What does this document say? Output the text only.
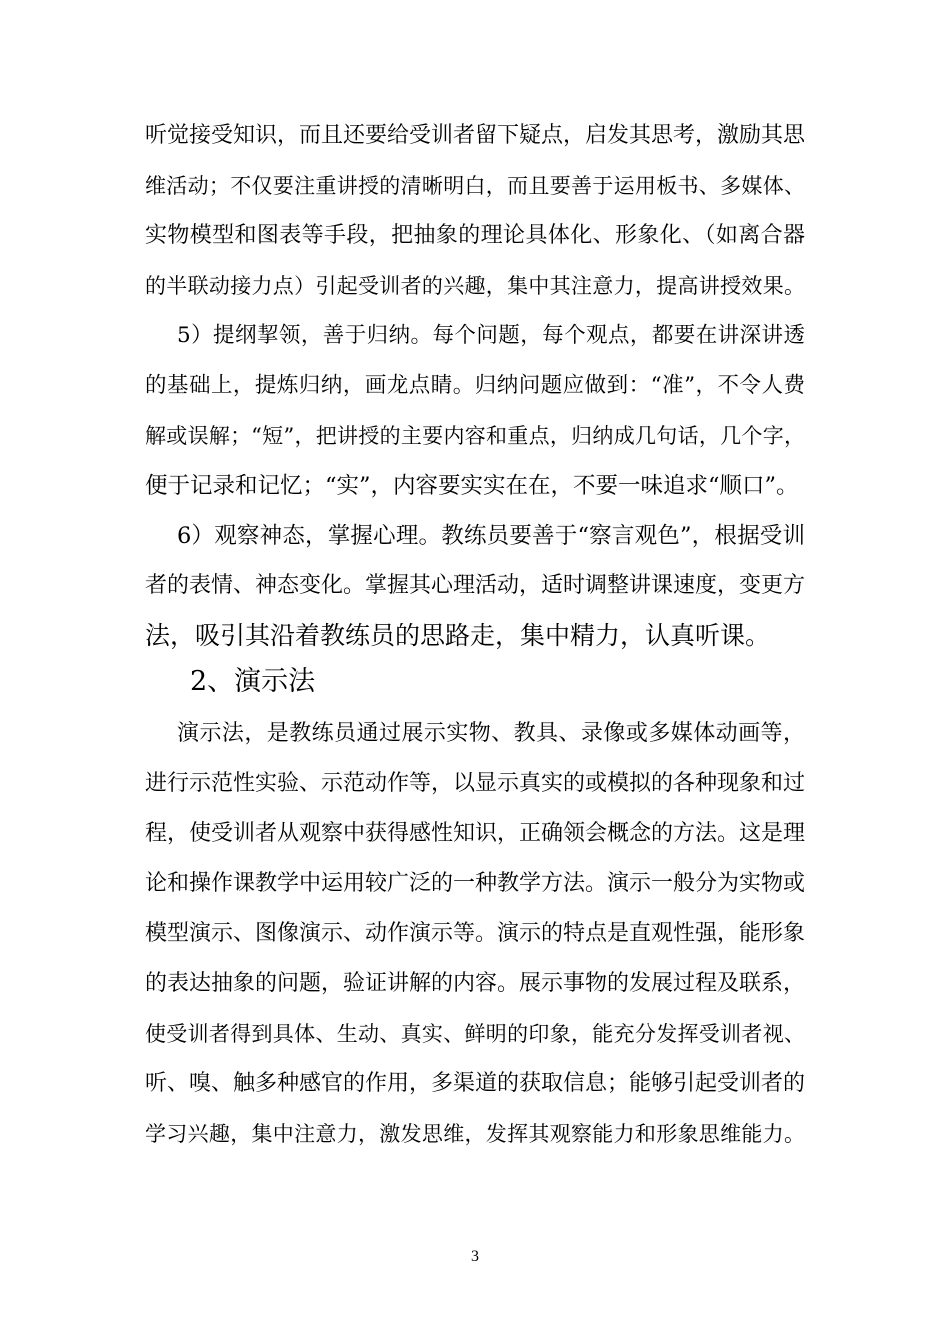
听觉接受知识，而且还要给受训者留下疑点，启发其思考，激励其思
维活动；不仅要注重讲授的清晰明白，而且要善于运用板书、多媒体、
实物模型和图表等手段，把抽象的理论具体化、形象化、（如离合器
的半联动接力点）引起受训者的兴趣，集中其注意力，提高讲授效果。
5）提纲挈领，善于归纳。每个问题，每个观点，都要在讲深讲透
的基础上，提炼归纳，画龙点睛。归纳问题应做到：“准”，不令人费
解或误解；“短”，把讲授的主要内容和重点，归纳成几句话，几个字，
便于记录和记忆；“实”，内容要实实在在，不要一味追求“顺口”。
6）观察神态，掌握心理。教练员要善于“察言观色”，根据受训
者的表情、神态变化。掌握其心理活动，适时调整讲课速度，变更方
法，吸引其沿着教练员的思路走，集中精力，认真听课。
2、演示法
演示法，是教练员通过展示实物、教具、录像或多媒体动画等，
进行示范性实验、示范动作等，以显示真实的或模拟的各种现象和过
程，使受训者从观察中获得感性知识，正确领会概念的方法。这是理
论和操作课教学中运用较广泛的一种教学方法。演示一般分为实物或
模型演示、图像演示、动作演示等。演示的特点是直观性强，能形象
的表达抽象的问题，验证讲解的内容。展示事物的发展过程及联系，
使受训者得到具体、生动、真实、鲜明的印象，能充分发挥受训者视、
听、嗅、触多种感官的作用，多渠道的获取信息；能够引起受训者的
学习兴趣，集中注意力，激发思维，发挥其观察能力和形象思维能力。
3
